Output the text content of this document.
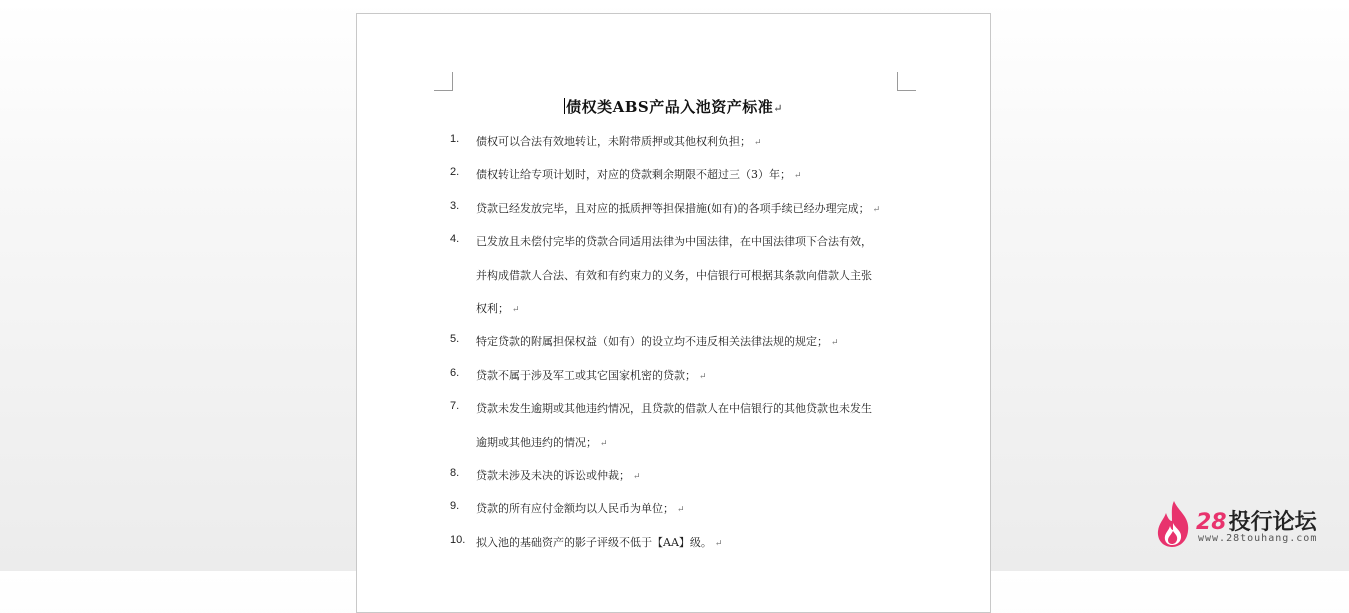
债权类ABS产品入池资产标准↵
1. 债权可以合法有效地转让，未附带质押或其他权利负担； ↵
2. 债权转让给专项计划时，对应的贷款剩余期限不超过三（3）年； ↵
3. 贷款已经发放完毕，且对应的抵质押等担保措施(如有)的各项手续已经办理完成； ↵
4. 已发放且未偿付完毕的贷款合同适用法律为中国法律，在中国法律项下合法有效，
并构成借款人合法、有效和有约束力的义务，中信银行可根据其条款向借款人主张
权利； ↵
5. 特定贷款的附属担保权益（如有）的设立均不违反相关法律法规的规定； ↵
6. 贷款不属于涉及军工或其它国家机密的贷款； ↵
7. 贷款未发生逾期或其他违约情况，且贷款的借款人在中信银行的其他贷款也未发生
逾期或其他违约的情况； ↵
8. 贷款未涉及未决的诉讼或仲裁； ↵
9. 贷款的所有应付金额均以人民币为单位； ↵
10. 拟入池的基础资产的影子评级不低于【AA】级。 ↵
28投行论坛
www.28touhang.com
